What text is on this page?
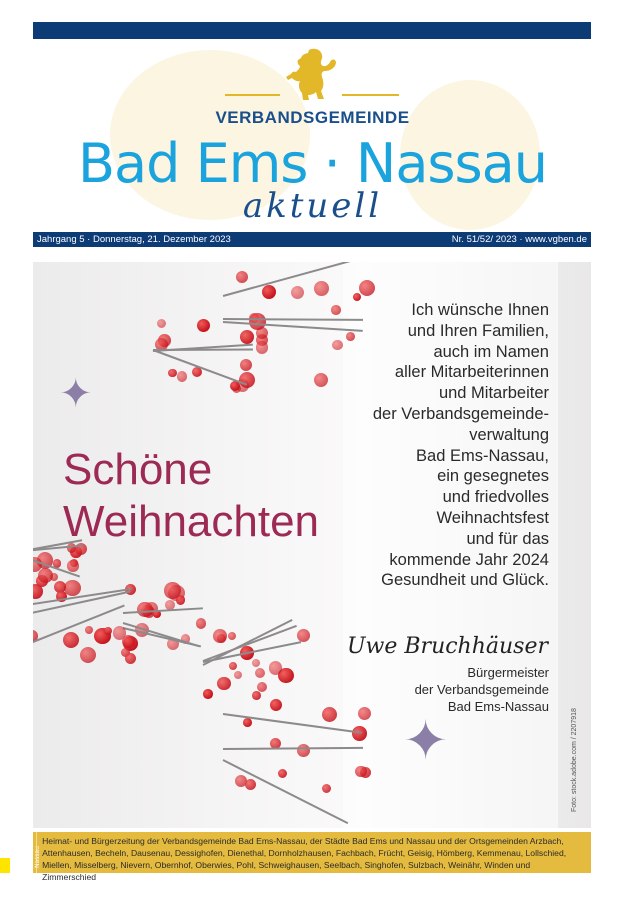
VERBANDSGEMEINDE
Bad Ems · Nassau
aktuell
Jahrgang 5 · Donnerstag, 21. Dezember 2023	Nr. 51/52/ 2023 · www.vgben.de
✦
✦
Schöne
Weihnachten
Ich wünsche Ihnen
und Ihren Familien,
auch im Namen
aller Mitarbeiterinnen
und Mitarbeiter
der Verbandsgemeinde-
verwaltung
Bad Ems-Nassau,
ein gesegnetes
und friedvolles
Weihnachtsfest
und für das
kommende Jahr 2024
Gesundheit und Glück.
Uwe Bruchhäuser
Bürgermeister
der Verbandsgemeinde
Bad Ems-Nassau
Foto: stock.adobe.com / 2207918
Nassau
Heimat- und Bürgerzeitung der Verbandsgemeinde Bad Ems-Nassau, der Städte Bad Ems und Nassau und der Ortsgemeinden Arzbach, Attenhausen, Becheln, Dausenau, Dessighofen, Dienethal, Dornholzhausen, Fachbach, Frücht, Geisig, Hömberg, Kemmenau, Lollschied, Miellen, Misselberg, Nievern, Obernhof, Oberwies, Pohl, Schweighausen, Seelbach, Singhofen, Sulzbach, Weinähr, Winden und Zimmerschied
